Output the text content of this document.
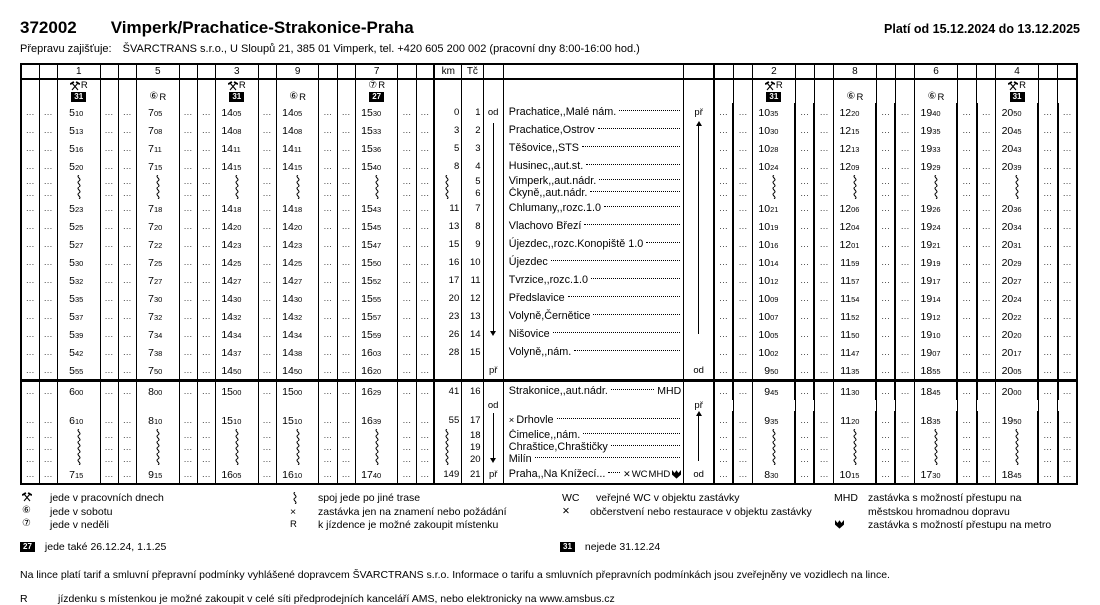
372002 Vimperk/Prachatice-Strakonice-Praha	Platí od 15.12.2024 do 13.12.2025
Přepravu zajišťuje: ŠVARCTRANS s.r.o., U Sloupů 21, 385 01 Vimperk, tel. +420 605 200 002 (pracovní dny 8:00-16:00 hod.)
		1			5			3		9			7			km	Tč						2			8			6			4		

		R						R					⑦ R										R									R		

		31			⑥ R			31		⑥ R			27										31			⑥ R			⑥ R			31		

...	...	510	...	...	705	...	...	1405	...	1405	...	...	1530	...	...	0	1	od	Prachatice,,Malé nám.	př	...	...	1035	...	...	1220	...	...	1940	...	...	2050	...	...
...	...	513	...	...	708	...	...	1408	...	1408	...	...	1533	...	...	3	2		Prachatice,Ostrov		...	...	1030	...	...	1215	...	...	1935	...	...	2045	...	...
...	...	516	...	...	711	...	...	1411	...	1411	...	...	1536	...	...	5	3		Těšovice,,STS		...	...	1028	...	...	1213	...	...	1933	...	...	2043	...	...
...	...	520	...	...	715	...	...	1415	...	1415	...	...	1540	...	...	8	4		Husinec,,aut.st.		...	...	1024	...	...	1209	...	...	1929	...	...	2039	...	...
...	...		...	...		...	...		...		...	...		...	...		5		Vimperk,,aut.nádr.		...	...		...	...		...	...		...	...		...	...
...	...		...	...		...	...		...		...	...		...	...		6		Čkyně,,aut.nádr.		...	...		...	...		...	...		...	...		...	...
...	...	523	...	...	718	...	...	1418	...	1418	...	...	1543	...	...	11	7		Chlumany,,rozc.1.0		...	...	1021	...	...	1206	...	...	1926	...	...	2036	...	...
...	...	525	...	...	720	...	...	1420	...	1420	...	...	1545	...	...	13	8		Vlachovo Březí		...	...	1019	...	...	1204	...	...	1924	...	...	2034	...	...
...	...	527	...	...	722	...	...	1423	...	1423	...	...	1547	...	...	15	9		Újezdec,,rozc.Konopiště 1.0		...	...	1016	...	...	1201	...	...	1921	...	...	2031	...	...
...	...	530	...	...	725	...	...	1425	...	1425	...	...	1550	...	...	16	10		Újezdec		...	...	1014	...	...	1159	...	...	1919	...	...	2029	...	...
...	...	532	...	...	727	...	...	1427	...	1427	...	...	1552	...	...	17	11		Tvrzice,,rozc.1.0		...	...	1012	...	...	1157	...	...	1917	...	...	2027	...	...
...	...	535	...	...	730	...	...	1430	...	1430	...	...	1555	...	...	20	12		Předslavice		...	...	1009	...	...	1154	...	...	1914	...	...	2024	...	...
...	...	537	...	...	732	...	...	1432	...	1432	...	...	1557	...	...	23	13		Volyně,Černětice		...	...	1007	...	...	1152	...	...	1912	...	...	2022	...	...
...	...	539	...	...	734	...	...	1434	...	1434	...	...	1559	...	...	26	14		Nišovice		...	...	1005	...	...	1150	...	...	1910	...	...	2020	...	...
...	...	542	...	...	738	...	...	1437	...	1438	...	...	1603	...	...	28	15		Volyně,,nám.		...	...	1002	...	...	1147	...	...	1907	...	...	2017	...	...
...	...	555	...	...	750	...	...	1450	...	1450	...	...	1620	...	...			př		od	...	...	950	...	...	1135	...	...	1855	...	...	2005	...	...
...	...	600	...	...	800	...	...	1500	...	1500	...	...	1629	...	...	41	16		Strakonice,,aut.nádr. MHD		...	...	945	...	...	1130	...	...	1845	...	...	2000	...	...
																		od		př														
...	...	610	...	...	810	...	...	1510	...	1510	...	...	1639	...	...	55	17		× Drhovle		...	...	935	...	...	1120	...	...	1835	...	...	1950	...	...
...	...		...	...		...	...		...		...	...		...	...		18		Čimelice,,nám.		...	...		...	...		...	...		...	...		...	...
...	...		...	...		...	...		...		...	...		...	...		19		Chraštice,Chraštičky		...	...		...	...		...	...		...	...		...	...
...	...		...	...		...	...		...		...	...		...	...		20		Milín		...	...		...	...		...	...		...	...		...	...
...	...	715	...	...	915	...	...	1605	...	1610	...	...	1740	...	...	149	21	př	Praha,,Na Knížecí... ✕ WC MHD	od	...	...	830	...	...	1015	...	...	1730	...	...	1845	...	...
jede v pracovních dnech
⑥ jede v sobotu
⑦ jede v neděli
spoj jede po jiné trase
× zastávka jen na znamení nebo požádání
R k jízdence je možné zakoupit místenku
WC veřejné WC v objektu zastávky
✕ občerstvení nebo restaurace v objektu zastávky
MHD zastávka s možností přestupu na městskou hromadnou dopravu
zastávka s možností přestupu na metro
27 jede také 26.12.24, 1.1.25	31 nejede 31.12.24
Na lince platí tarif a smluvní přepravní podmínky vyhlášené dopravcem ŠVARCTRANS s.r.o. Informace o tarifu a smluvních přepravních podmínkách jsou zveřejněny ve vozidlech na lince.
R	jízdenku s místenkou je možné zakoupit v celé síti předprodejních kanceláří AMS, nebo elektronicky na www.amsbus.cz
